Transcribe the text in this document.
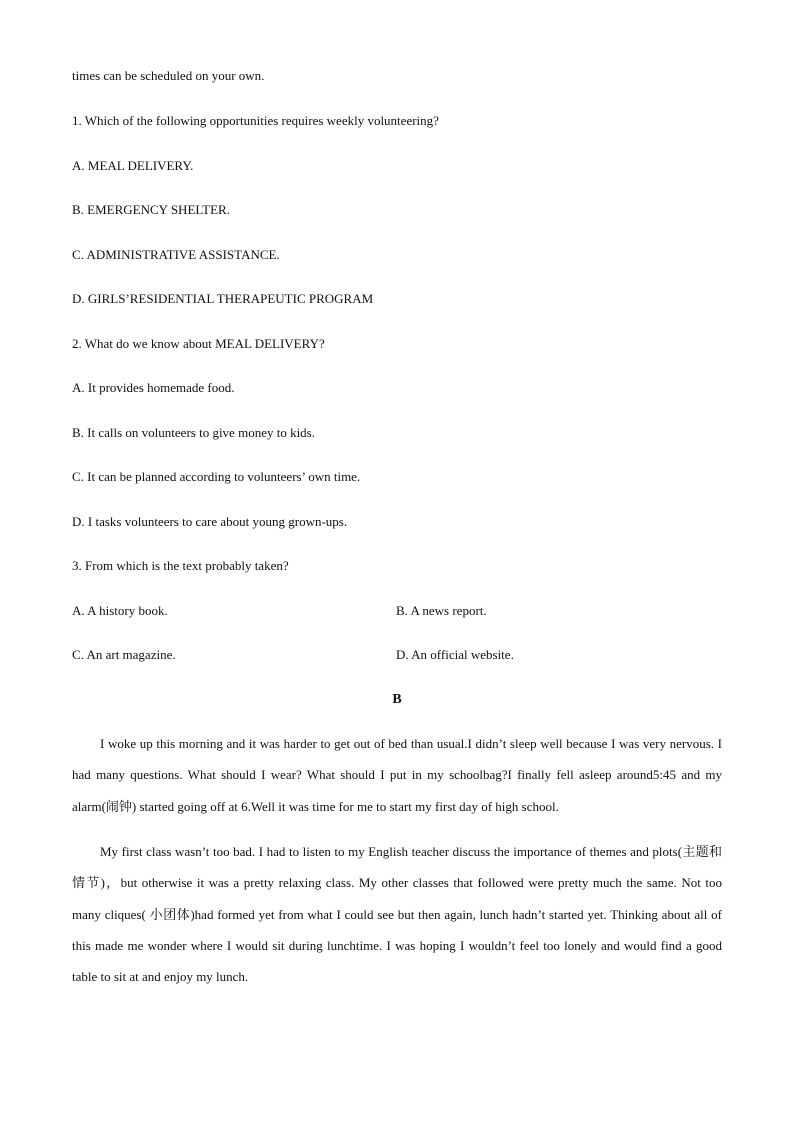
times can be scheduled on your own.
1. Which of the following opportunities requires weekly volunteering?
A. MEAL DELIVERY.
B. EMERGENCY SHELTER.
C. ADMINISTRATIVE ASSISTANCE.
D. GIRLS’RESIDENTIAL THERAPEUTIC PROGRAM
2. What do we know about MEAL DELIVERY?
A. It provides homemade food.
B. It calls on volunteers to give money to kids.
C. It can be planned according to volunteers’ own time.
D. I tasks volunteers to care about young grown-ups.
3. From which is the text probably taken?
A. A history book.	B. A news report.
C. An art magazine.	D. An official website.
B
I woke up this morning and it was harder to get out of bed than usual.I didn’t sleep well because I was very nervous. I had many questions. What should I wear? What should I put in my schoolbag?I finally fell asleep around5:45 and my alarm(闹钟) started going off at 6.Well it was time for me to start my first day of high school.
My first class wasn’t too bad. I had to listen to my English teacher discuss the importance of themes and plots(主题和情节)，but otherwise it was a pretty relaxing class. My other classes that followed were pretty much the same. Not too many cliques( 小团体)had formed yet from what I could see but then again, lunch hadn’t started yet. Thinking about all of this made me wonder where I would sit during lunchtime. I was hoping I wouldn’t feel too lonely and would find a good table to sit at and enjoy my lunch.
